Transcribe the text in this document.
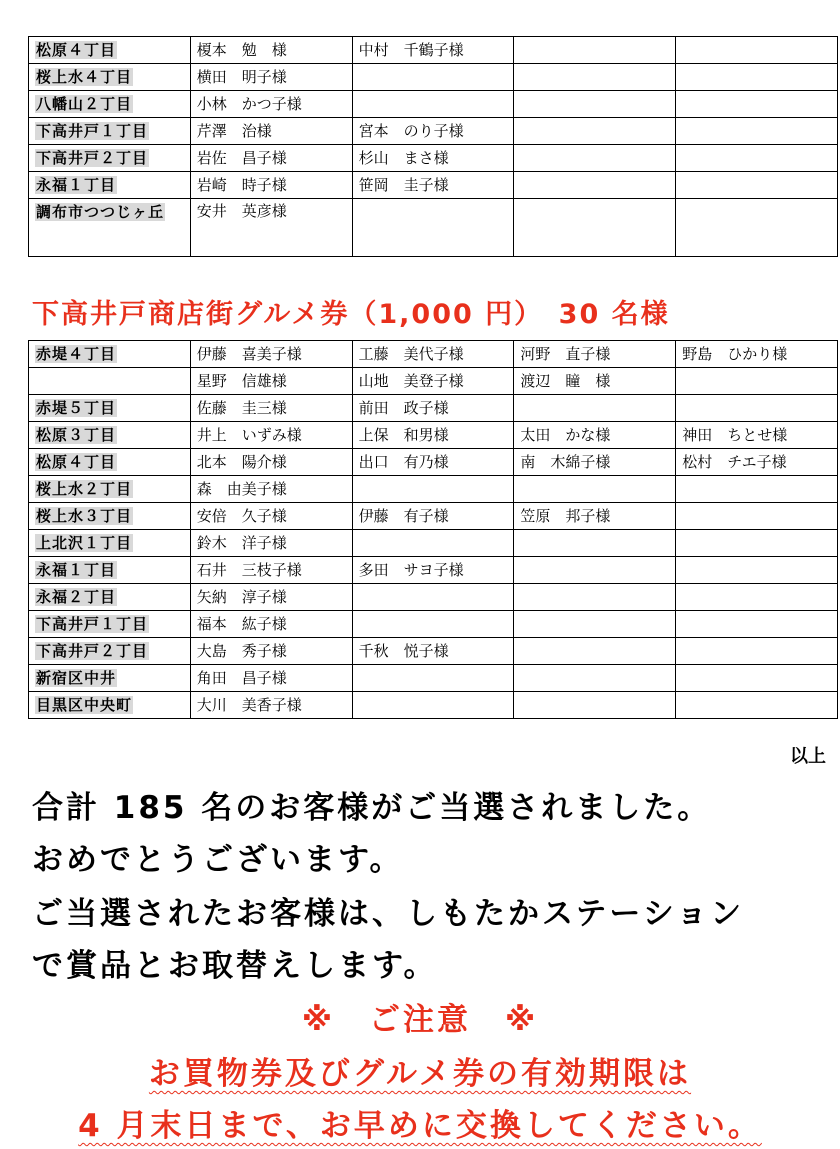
松原４丁目	榎本　勉　様	中村　千鶴子様		
桜上水４丁目	横田　明子様			
八幡山２丁目	小林　かつ子様			
下高井戸１丁目	芹澤　治様	宮本　のり子様		
下高井戸２丁目	岩佐　昌子様	杉山　まさ様		
永福１丁目	岩崎　時子様	笹岡　圭子様		
調布市つつじヶ丘	安井　英彦様			
下高井戸商店街グルメ券（1,000 円）　30 名様
赤堤４丁目	伊藤　喜美子様	工藤　美代子様	河野　直子様	野島　ひかり様
	星野　信雄様	山地　美登子様	渡辺　瞳　様	
赤堤５丁目	佐藤　圭三様	前田　政子様		
松原３丁目	井上　いずみ様	上保　和男様	太田　かな様	神田　ちとせ様
松原４丁目	北本　陽介様	出口　有乃様	南　木綿子様	松村　チエ子様
桜上水２丁目	森　由美子様			
桜上水３丁目	安倍　久子様	伊藤　有子様	笠原　邦子様	
上北沢１丁目	鈴木　洋子様			
永福１丁目	石井　三枝子様	多田　サヨ子様		
永福２丁目	矢納　淳子様			
下高井戸１丁目	福本　紘子様			
下高井戸２丁目	大島　秀子様	千秋　悦子様		
新宿区中井	角田　昌子様			
目黒区中央町	大川　美香子様			
以上
合計 185 名のお客様がご当選されました。
おめでとうございます。
ご当選されたお客様は、しもたかステーション
で賞品とお取替えします。
※　ご注意　※
お買物券及びグルメ券の有効期限は
4 月末日まで、お早めに交換してください。
